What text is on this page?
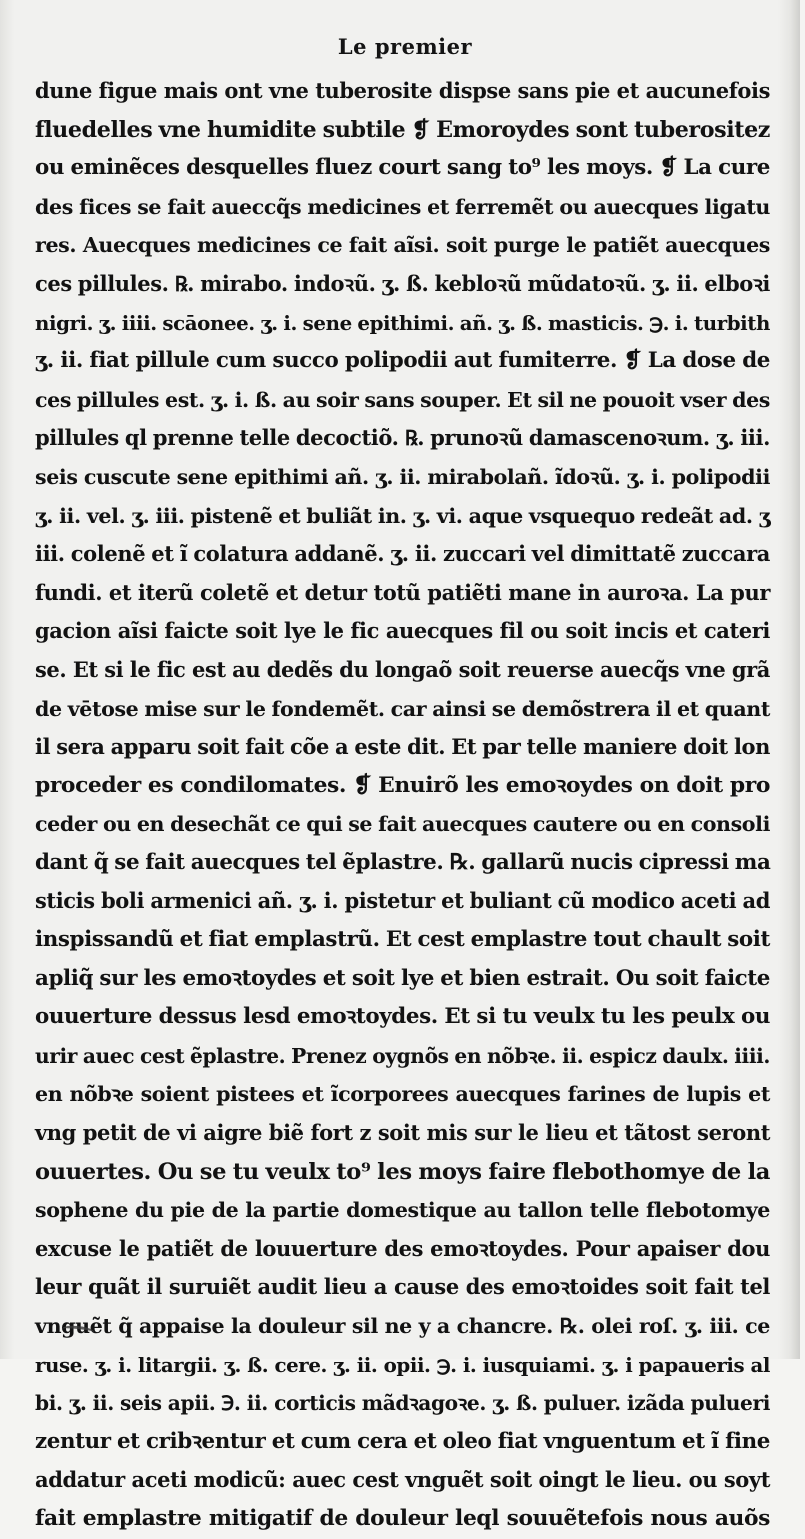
Le premier
dune figue mais ont vne tuberosite dispse sans pie et aucunefois
fluedelles vne humidite subtile ❡ Emoroydes sont tuberositez
ou eminẽces desquelles fluez court sang to⁹ les moys. ❡ La cure
des fices se fait aueccq̃s medicines et ferremẽt ou auecques ligatu
res. Auecques medicines ce fait aĩsi. soit purge le patiẽt auecques
ces pillules. ℞. mirabo. indoꝛũ. ʒ. ß. kebloꝛũ mũdatoꝛũ. ʒ. ii. elboꝛi
nigri. ʒ. iiii. scāonee. ʒ. i. sene epithimi. añ. ʒ. ß. masticis. ℈. i. turbith
ʒ. ii. fiat pillule cum succo polipodii aut fumiterre. ❡ La dose de
ces pillules est. ʒ. i. ß. au soir sans souper. Et sil ne pouoit vser des
pillules ql prenne telle decoctiõ. ℞. prunoꝛũ damascenoꝛum. ʒ. iii.
seis cuscute sene epithimi añ. ʒ. ii. mirabolañ. ĩdoꝛũ. ʒ. i. polipodii
ʒ. ii. vel. ʒ. iii. pistenẽ et buliãt in. ʒ. vi. aque vsquequo redeãt ad. ʒ
iii. colenẽ et ĩ colatura addanẽ. ʒ. ii. zuccari vel dimittatẽ zuccara
fundi. et iterũ coletẽ et detur totũ patiẽti mane in auroꝛa. La pur
gacion aĩsi faicte soit lye le fic auecques fil ou soit incis et cateri
se. Et si le fic est au dedẽs du longaõ soit reuerse auecq̃s vne grã
de vētose mise sur le fondemẽt. car ainsi se demõstrera il et quant
il sera apparu soit fait cõe a este dit. Et par telle maniere doit lon
proceder es condilomates. ❡ Enuirõ les emoꝛoydes on doit pro
ceder ou en desechãt ce qui se fait auecques cautere ou en consoli
dant q̃ se fait auecques tel ẽplastre. ℞. gallarũ nucis cipressi ma
sticis boli armenici añ. ʒ. i. pistetur et buliant cũ modico aceti ad
inspissandũ et fiat emplastrũ. Et cest emplastre tout chault soit
apliq̃ sur les emoꝛtoydes et soit lye et bien estrait. Ou soit faicte
ouuerture dessus lesd emoꝛtoydes. Et si tu veulx tu les peulx ou
urir auec cest ẽplastre. Prenez oygnõs en nõbꝛe. ii. espicz daulx. iiii.
en nõbꝛe soient pistees et ĩcorporees auecques farines de lupis et
vng petit de vi aigre biẽ fort z soit mis sur le lieu et tãtost seront
ouuertes. Ou se tu veulx to⁹ les moys faire flebothomye de la
sophene du pie de la partie domestique au tallon telle flebotomye
excuse le patiẽt de louuerture des emoꝛtoydes. Pour apaiser dou
leur quãt il suruiẽt audit lieu a cause des emoꝛtoides soit fait tel
vnguẽt q̃ appaise la douleur sil ne y a chancre. ℞. olei roſ. ʒ. iii. ce
ruse. ʒ. i. litargii. ʒ. ß. cere. ʒ. ii. opii. ℈. i. iusquiami. ʒ. i papaueris al
bi. ʒ. ii. seis apii. ℈. ii. corticis mãdꝛagoꝛe. ʒ. ß. puluer. izãda pulueri
zentur et cribꝛentur et cum cera et oleo fiat vnguentum et ĩ fine
addatur aceti modicũ: auec cest vnguẽt soit oingt le lieu. ou soyt
fait emplastre mitigatif de douleur leql souuẽtefois nous auõs
